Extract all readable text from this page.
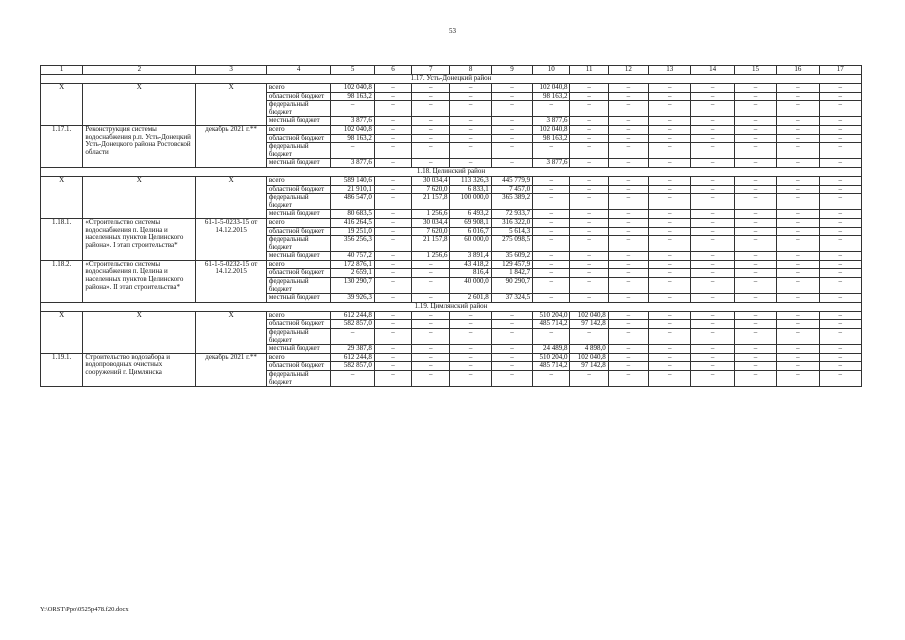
53
1	2	3	4	5	6	7	8	9	10	11	12	13	14	15	16	17
1.17. Усть-Донецкий район																
X	X	X	всего	102 040,8	–	–	–	–	102 040,8	–	–	–	–	–	–	–
			областной бюджет	98 163,2	–	–	–	–	98 163,2	–	–	–	–	–	–	–
			федеральный бюджет	–	–	–	–	–	–	–	–	–	–	–	–	–
			местный бюджет	3 877,6	–	–	–	–	3 877,6	–	–	–	–	–	–	–
1.17.1.	Реконструкция системы водоснабжения р.п. Усть-Донецкий Усть-Донецкого района Ростовской области	декабрь 2021 г.**	всего	102 040,8	–	–	–	–	102 040,8	–	–	–	–	–	–	–
			областной бюджет	98 163,2	–	–	–	–	98 163,2	–	–	–	–	–	–	–
			федеральный бюджет	–	–	–	–	–	–	–	–	–	–	–	–	–
			местный бюджет	3 877,6	–	–	–	–	3 877,6	–	–	–	–	–	–	–
1.18. Целинский район																
X	X	X	всего	589 140,6	–	30 034,4	113 326,3	445 779,9	–	–	–	–	–	–	–	–
			областной бюджет	21 910,1	–	7 620,0	6 833,1	7 457,0	–	–	–	–	–	–	–	–
			федеральный бюджет	486 547,0	–	21 157,8	100 000,0	365 389,2	–	–	–	–	–	–	–	–
			местный бюджет	80 683,5	–	1 256,6	6 493,2	72 933,7	–	–	–	–	–	–	–	–
1.18.1.	«Строительство системы водоснабжения п. Целина и населенных пунктов Целинского района». I этап строительства*	61-1-5-0233-15 от 14.12.2015	всего	416 264,5	–	30 034,4	69 908,1	316 322,0	–	–	–	–	–	–	–	–
			областной бюджет	19 251,0	–	7 620,0	6 016,7	5 614,3	–	–	–	–	–	–	–	–
			федеральный бюджет	356 256,3	–	21 157,8	60 000,0	275 098,5	–	–	–	–	–	–	–	–
			местный бюджет	40 757,2	–	1 256,6	3 891,4	35 609,2	–	–	–	–	–	–	–	–
1.18.2.	«Строительство системы водоснабжения п. Целина и населенных пунктов Целинского района». II этап строительства*	61-1-5-0232-15 от 14.12.2015	всего	172 876,1	–	–	43 418,2	129 457,9	–	–	–	–	–	–	–	–
			областной бюджет	2 659,1	–	–	816,4	1 842,7	–	–	–	–	–	–	–	–
			федеральный бюджет	130 290,7	–	–	40 000,0	90 290,7	–	–	–	–	–	–	–	–
			местный бюджет	39 926,3	–	–	2 601,8	37 324,5	–	–	–	–	–	–	–	–
1.19. Цимлянский район																
X	X	X	всего	612 244,8	–	–	–	–	510 204,0	102 040,8	–	–	–	–	–	–
			областной бюджет	582 857,0	–	–	–	–	485 714,2	97 142,8	–	–	–	–	–	–
			федеральный бюджет	–	–	–	–	–	–	–	–	–	–	–	–	–
			местный бюджет	29 387,8	–	–	–	–	24 489,8	4 898,0	–	–	–	–	–	–
1.19.1.	Строительство водозабора и водопроводных очистных сооружений г. Цимлянска	декабрь 2021 г.**	всего	612 244,8	–	–	–	–	510 204,0	102 040,8	–	–	–	–	–	–
			областной бюджет	582 857,0	–	–	–	–	485 714,2	97 142,8	–	–	–	–	–	–
			федеральный бюджет	–	–	–	–	–	–	–	–	–	–	–	–	–
Y:\ORST\Ppo\0525p478.f20.docx
